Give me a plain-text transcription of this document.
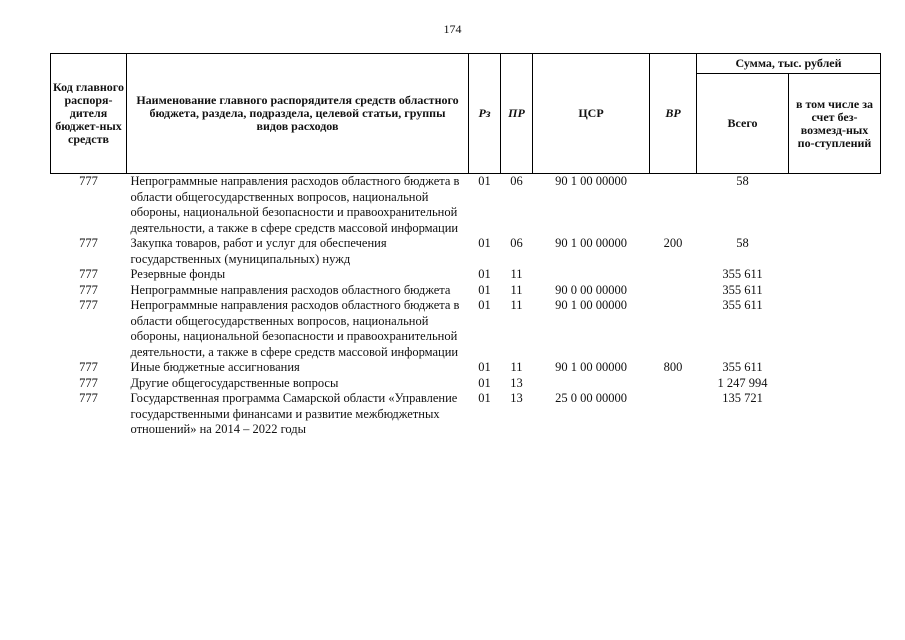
174
Код главного распоря-дителя бюджет-ных средств	Наименование главного распорядителя средств областного бюджета, раздела, подраздела, целевой статьи, группы видов расходов	Рз	ПР	ЦСР	ВР	Сумма, тыс. рублей	
						Всего	в том числе за счет без-возмезд-ных по-ступлений
777	Непрограммные направления расходов областного бюджета в области общегосударственных вопросов, национальной обороны, национальной безопасности и правоохранительной деятельности, а также в сфере средств массовой информации	01	06	90 1 00 00000		58	
777	Закупка товаров, работ и услуг для обеспечения государственных (муниципальных) нужд	01	06	90 1 00 00000	200	58	
777	Резервные фонды	01	11			355 611	
777	Непрограммные направления расходов областного бюджета	01	11	90 0 00 00000		355 611	
777	Непрограммные направления расходов областного бюджета в области общегосударственных вопросов, национальной обороны, национальной безопасности и правоохранительной деятельности, а также в сфере средств массовой информации	01	11	90 1 00 00000		355 611	
777	Иные бюджетные ассигнования	01	11	90 1 00 00000	800	355 611	
777	Другие общегосударственные вопросы	01	13			1 247 994	
777	Государственная программа Самарской области «Управление государственными финансами и развитие межбюджетных отношений» на 2014 – 2022 годы	01	13	25 0 00 00000		135 721	
